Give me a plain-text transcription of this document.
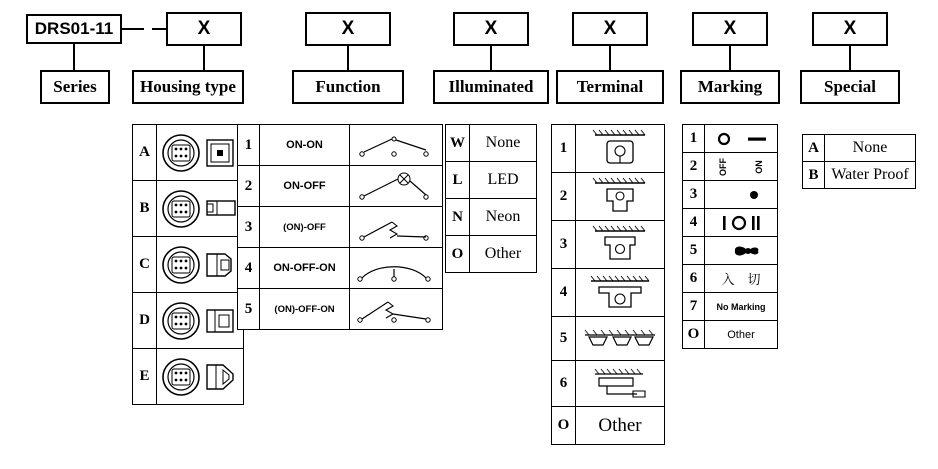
DRS01-11	X	X	X	X	X	X
Series	Housing type	Function	Illuminated	Terminal	Marking	Special
A	

B	

C	

D	

E	
1	ON-ON	

2	ON-OFF	

3	(ON)-OFF	

4	ON-OFF-ON	

5	(ON)-OFF-ON	
W	None
L	LED
N	Neon
O	Other
1	

2	

3	

4	

5	

6	

O	Other
1	

2	OFF ON

3	

4	

5	

6	入　切
7	No Marking
O	Other
A	None
B	Water Proof
